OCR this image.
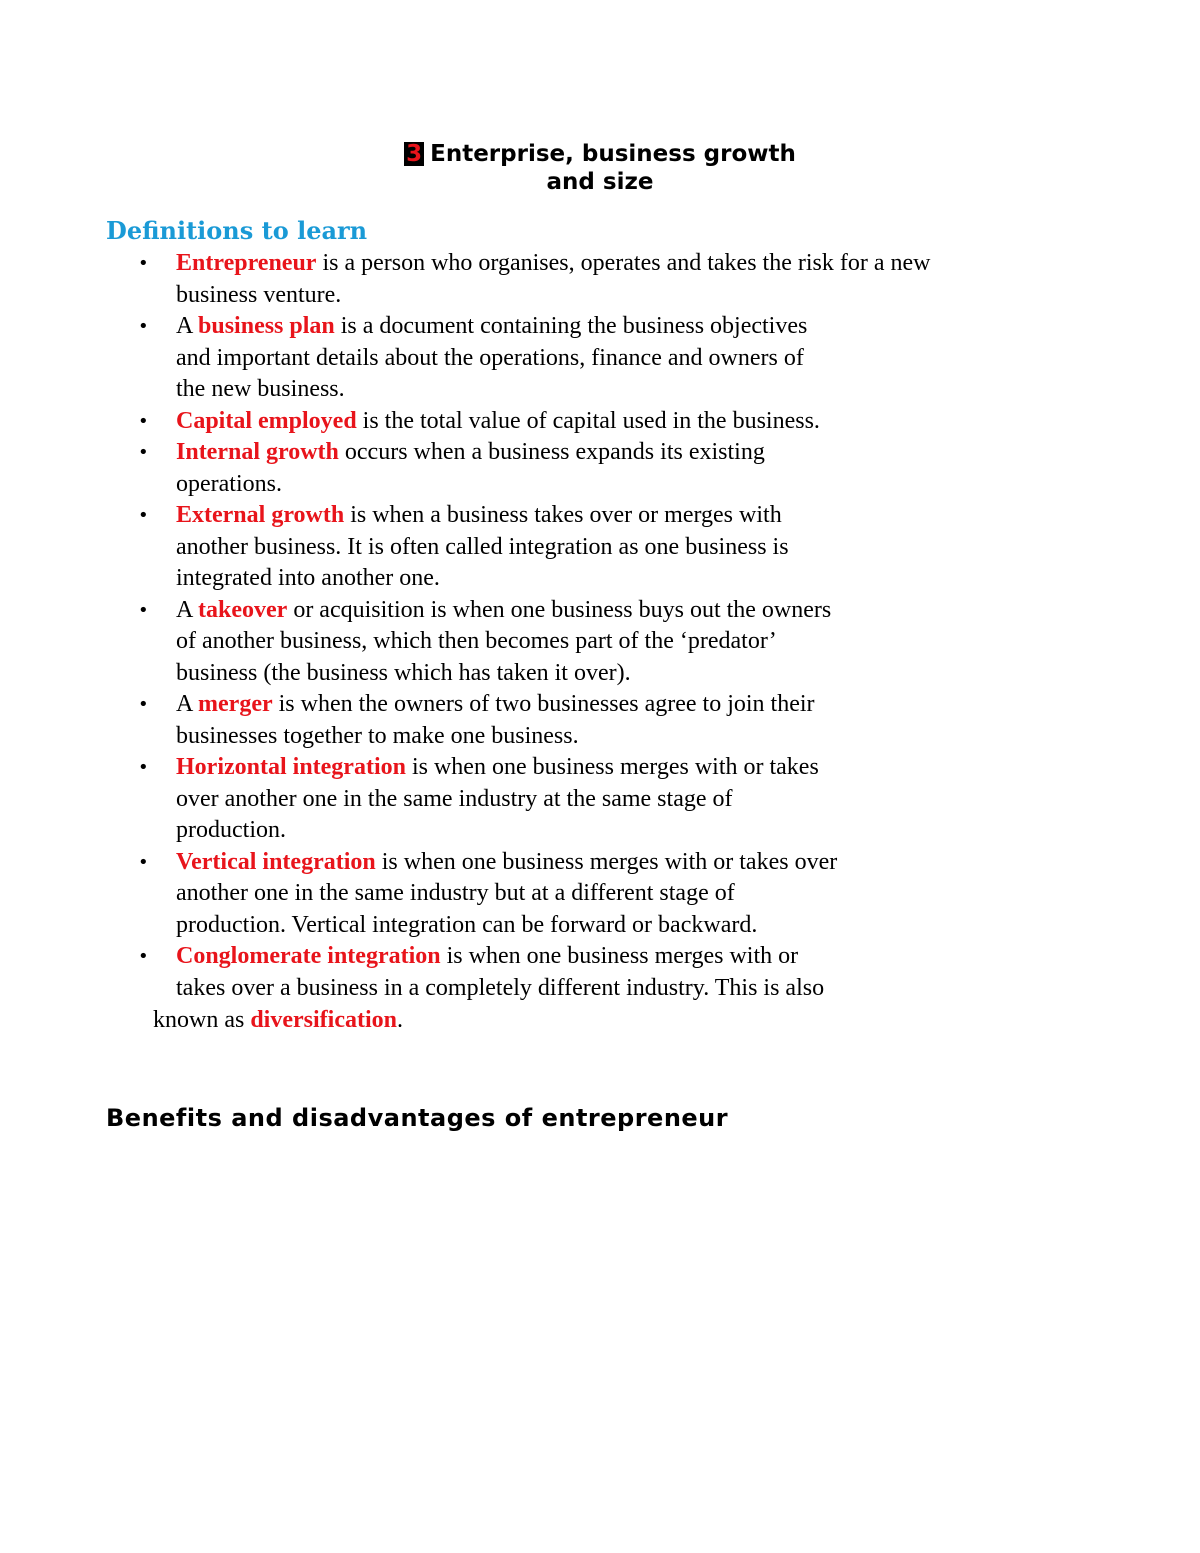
3 Enterprise, business growth
and size
Definitions to learn
• Entrepreneur is a person who organises, operates and takes the risk for a new
business venture.
• A business plan is a document containing the business objectives
and important details about the operations, finance and owners of
the new business.
• Capital employed is the total value of capital used in the business.
• Internal growth occurs when a business expands its existing
operations.
• External growth is when a business takes over or merges with
another business. It is often called integration as one business is
integrated into another one.
• A takeover or acquisition is when one business buys out the owners
of another business, which then becomes part of the ‘predator’
business (the business which has taken it over).
• A merger is when the owners of two businesses agree to join their
businesses together to make one business.
• Horizontal integration is when one business merges with or takes
over another one in the same industry at the same stage of
production.
• Vertical integration is when one business merges with or takes over
another one in the same industry but at a different stage of
production. Vertical integration can be forward or backward.
• Conglomerate integration is when one business merges with or
takes over a business in a completely different industry. This is also
known as diversification.
Benefits and disadvantages of entrepreneur
